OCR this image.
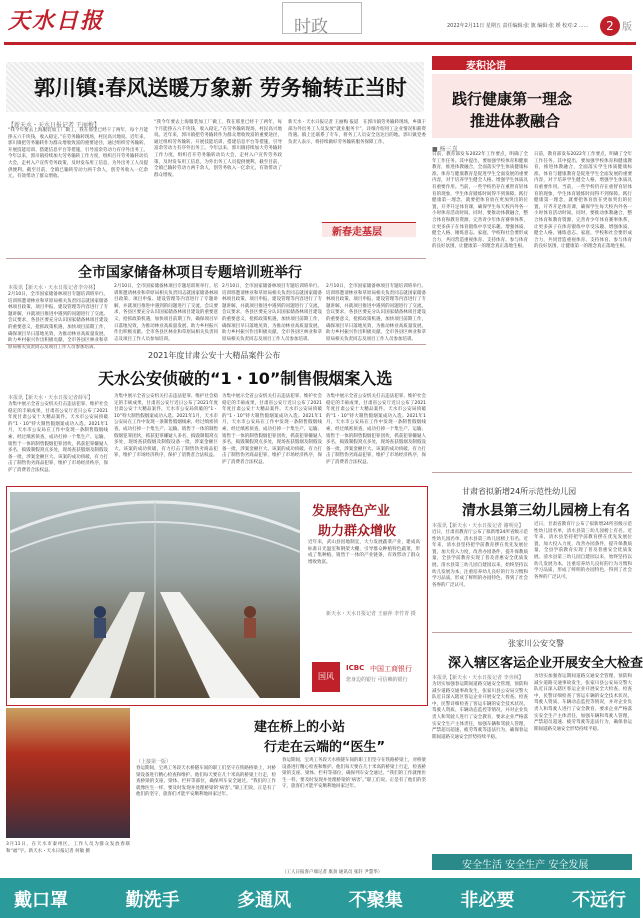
天水日报	时政	2022年2月11日 星期五 责任编辑:张 旗 编辑:张 媛 校对:2 ……	2 版
郭川镇:春风送暖万象新 劳务输转正当时
【新天水・天水日报记者 王丽梅】
“我今年要去上海服装加工厂做工，我在那里已经干了两年，每个月能挣五六千块钱，收入稳定。”在劳务输转现场，村民高兴地说。近年来，郭川镇把劳务输转作为群众增收致富的重要途径，通过组织劳务输转、开展技能培训、搭建信息平台等措施，引导富余劳动力有序外出务工。今年以来，郭川镇持续加大劳务输转工作力度，组织召开劳务输转动员大会，走村入户宣传劳务政策，及时发布用工信息，为外出务工人员提供便利。截至目前，全镇已输转劳动力两千余人，创劳务收入一亿余元，有效带动了群众增收。
“我今年要去上海服装加工厂做工，我在那里已经干了两年，每个月能挣五六千块钱，收入稳定。”在劳务输转现场，村民高兴地说。近年来，郭川镇把劳务输转作为群众增收致富的重要途径，通过组织劳务输转、开展技能培训、搭建信息平台等措施，引导富余劳动力有序外出务工。今年以来，郭川镇持续加大劳务输转工作力度，组织召开劳务输转动员大会，走村入户宣传劳务政策，及时发布用工信息，为外出务工人员提供便利。截至目前，全镇已输转劳动力两千余人，创劳务收入一亿余元，有效带动了群众增收。
新天水・天水日报记者 王丽梅 报道　在郭川镇劳务输转现场，乡镇干部为外出务工人员发放“就业服务卡”，详细介绍用工企业情况和薪资待遇。镇上还联系了专车，将务工人员安全送达目的地。郭川镇党委负责人表示，将持续做好劳务输转服务保障工作。
新春走基层
麦积论语
践行健康第一理念
推进体教融合
■ 杨三喜
日前，教育部发布2022年工作要点，明确了全年工作任务。其中提出，要加强学校体育和健康教育，推进体教融合，全面落实学生体质健康标准。体育与健康教育是促进学生全面发展的重要内容，对于培养学生健全人格、增强学生体质具有重要作用。当前，一些学校仍存在重智育轻体育的现象，学生体育锻炼时间得不到保障。践行健康第一理念，就要把体育放在更加突出的位置，开齐开足体育课，确保学生每天校内外各一小时体育活动时间。同时，要推动体教融合，整合体育和教育资源，完善青少年体育赛事体系，让更多孩子在体育锻炼中享受乐趣、增强体质、健全人格、锤炼意志。家庭、学校和社会要形成合力，共同营造重视体育、支持体育、参与体育的良好氛围，让健康第一的理念真正落地生根。
日前，教育部发布2022年工作要点，明确了全年工作任务。其中提出，要加强学校体育和健康教育，推进体教融合，全面落实学生体质健康标准。体育与健康教育是促进学生全面发展的重要内容，对于培养学生健全人格、增强学生体质具有重要作用。当前，一些学校仍存在重智育轻体育的现象，学生体育锻炼时间得不到保障。践行健康第一理念，就要把体育放在更加突出的位置，开齐开足体育课，确保学生每天校内外各一小时体育活动时间。同时，要推动体教融合，整合体育和教育资源，完善青少年体育赛事体系，让更多孩子在体育锻炼中享受乐趣、增强体质、健全人格、锤炼意志。家庭、学校和社会要形成合力，共同营造重视体育、支持体育、参与体育的良好氛围，让健康第一的理念真正落地生根。
全市国家储备林项目专题培训班举行
本报讯【新天水・天水日报记者李旁林】
2月10日，全市国家储备林项目专题培训班举行。培训班邀请林业和草原局相关负责同志就国家储备林项目政策、项目申报、建设管理等内容进行了专题讲解，并就项目推进中遇到的问题进行了交流。会议要求，各县区要充分认识国家储备林项目建设的重要意义，抢抓政策机遇，加快项目前期工作，确保项目早日落地见效，为推动林业高质量发展、助力乡村振兴作出积极贡献。全市各县区林业和草原局相关负责同志及项目工作人员参加培训。
2月10日，全市国家储备林项目专题培训班举行。培训班邀请林业和草原局相关负责同志就国家储备林项目政策、项目申报、建设管理等内容进行了专题讲解，并就项目推进中遇到的问题进行了交流。会议要求，各县区要充分认识国家储备林项目建设的重要意义，抢抓政策机遇，加快项目前期工作，确保项目早日落地见效，为推动林业高质量发展、助力乡村振兴作出积极贡献。全市各县区林业和草原局相关负责同志及项目工作人员参加培训。
2月10日，全市国家储备林项目专题培训班举行。培训班邀请林业和草原局相关负责同志就国家储备林项目政策、项目申报、建设管理等内容进行了专题讲解，并就项目推进中遇到的问题进行了交流。会议要求，各县区要充分认识国家储备林项目建设的重要意义，抢抓政策机遇，加快项目前期工作，确保项目早日落地见效，为推动林业高质量发展、助力乡村振兴作出积极贡献。全市各县区林业和草原局相关负责同志及项目工作人员参加培训。
2月10日，全市国家储备林项目专题培训班举行。培训班邀请林业和草原局相关负责同志就国家储备林项目政策、项目申报、建设管理等内容进行了专题讲解，并就项目推进中遇到的问题进行了交流。会议要求，各县区要充分认识国家储备林项目建设的重要意义，抢抓政策机遇，加快项目前期工作，确保项目早日落地见效，为推动林业高质量发展、助力乡村振兴作出积极贡献。全市各县区林业和草原局相关负责同志及项目工作人员参加培训。
2021年度甘肃公安十大精品案件公布
天水公安侦破的“1・10”制售假烟案入选
本报讯【新天水・天水日报记者薛军】
为集中展示全省公安机关打击违法犯罪、维护社会稳定的丰硕成果，甘肃省公安厅近日公布了2021年度甘肃公安十大精品案件。天水市公安局侦破的“1・10”特大制售假烟案成功入选。2021年1月，天水市公安局在工作中发现一条制售假烟线索，经过缜密侦查，成功打掉一个集生产、运输、销售于一体的制售假烟犯罪团伙，抓获犯罪嫌疑人多名，捣毁制假窝点多处，现场查获假烟及制假设备一批，涉案金额巨大。该案的成功侦破，有力打击了制售伪劣商品犯罪，维护了市场经济秩序，保护了消费者合法权益。
为集中展示全省公安机关打击违法犯罪、维护社会稳定的丰硕成果，甘肃省公安厅近日公布了2021年度甘肃公安十大精品案件。天水市公安局侦破的“1・10”特大制售假烟案成功入选。2021年1月，天水市公安局在工作中发现一条制售假烟线索，经过缜密侦查，成功打掉一个集生产、运输、销售于一体的制售假烟犯罪团伙，抓获犯罪嫌疑人多名，捣毁制假窝点多处，现场查获假烟及制假设备一批，涉案金额巨大。该案的成功侦破，有力打击了制售伪劣商品犯罪，维护了市场经济秩序，保护了消费者合法权益。
为集中展示全省公安机关打击违法犯罪、维护社会稳定的丰硕成果，甘肃省公安厅近日公布了2021年度甘肃公安十大精品案件。天水市公安局侦破的“1・10”特大制售假烟案成功入选。2021年1月，天水市公安局在工作中发现一条制售假烟线索，经过缜密侦查，成功打掉一个集生产、运输、销售于一体的制售假烟犯罪团伙，抓获犯罪嫌疑人多名，捣毁制假窝点多处，现场查获假烟及制假设备一批，涉案金额巨大。该案的成功侦破，有力打击了制售伪劣商品犯罪，维护了市场经济秩序，保护了消费者合法权益。
为集中展示全省公安机关打击违法犯罪、维护社会稳定的丰硕成果，甘肃省公安厅近日公布了2021年度甘肃公安十大精品案件。天水市公安局侦破的“1・10”特大制售假烟案成功入选。2021年1月，天水市公安局在工作中发现一条制售假烟线索，经过缜密侦查，成功打掉一个集生产、运输、销售于一体的制售假烟犯罪团伙，抓获犯罪嫌疑人多名，捣毁制假窝点多处，现场查获假烟及制假设备一批，涉案金额巨大。该案的成功侦破，有力打击了制售伪劣商品犯罪，维护了市场经济秩序，保护了消费者合法权益。
发展特色产业
助力群众增收
近年来，武山县因地制宜，大力发展蔬菜产业，建成高标准日光温室和钢架大棚，引导群众种植特色蔬菜，形成了集种植、销售于一体的产业链条，有效带动了群众增收致富。
新天水・天水日报记者 王丽萍 李竹青 摄
国风
ICBC 中国工商银行
您身边的银行 可信赖的银行
3月11日，在天水市秦州区，工作人员为群众发放春联和“福”字。新天水・天水日报记者 何敏 摄
建在桥上的小站
行走在云端的“医生”
（上接第一版）
春运期间，宝鸡工务段天水桥隧车间的职工们坚守在铁路桥梁上，对桥梁设备进行精心检查和维护。他们每天要在几十米高的桥梁上行走，检查桥梁的支座、梁体、栏杆等部位，确保列车安全通过。“我们的工作就像医生一样，要及时发现并处理桥梁的‘病害’。”职工们说。正是有了他们的坚守，旅客们才能平安顺利地回家过年。
春运期间，宝鸡工务段天水桥隧车间的职工们坚守在铁路桥梁上，对桥梁设备进行精心检查和维护。他们每天要在几十米高的桥梁上行走，检查桥梁的支座、梁体、栏杆等部位，确保列车安全通过。“我们的工作就像医生一样，要及时发现并处理桥梁的‘病害’。”职工们说。正是有了他们的坚守，旅客们才能平安顺利地回家过年。
（工人日报客户端记者 康劲 通讯员 张轩 尹慧华）
甘肃省拟新增24所示范性幼儿园
清水县第三幼儿园榜上有名
本报讯【新天水・天水日报记者 谢明亮】
近日，甘肃省教育厅公布了拟新增24所省级示范性幼儿园名单，清水县第三幼儿园榜上有名。近年来，清水县坚持把学前教育摆在优先发展位置，加大投入力度，改善办园条件，提升保教质量，全县学前教育实现了普及普惠安全优质发展。清水县第三幼儿园自建园以来，始终坚持以幼儿发展为本，注重培养幼儿良好的行为习惯和学习品质，形成了鲜明的办园特色，得到了社会各界的广泛认可。
近日，甘肃省教育厅公布了拟新增24所省级示范性幼儿园名单，清水县第三幼儿园榜上有名。近年来，清水县坚持把学前教育摆在优先发展位置，加大投入力度，改善办园条件，提升保教质量，全县学前教育实现了普及普惠安全优质发展。清水县第三幼儿园自建园以来，始终坚持以幼儿发展为本，注重培养幼儿良好的行为习惯和学习品质，形成了鲜明的办园特色，得到了社会各界的广泛认可。
张家川公安交警
深入辖区客运企业开展安全大检查
本报讯【新天水・天水日报记者 李旁林】
为切实加强春运期间道路交通安全管理，预防和减少道路交通事故发生，张家川县公安局交警大队近日深入辖区客运企业开展安全大检查。检查中，民警详细检查了客运车辆的安全技术状况、驾驶人资质、车辆动态监控等情况，并对企业负责人和驾驶人进行了安全教育，要求企业严格落实安全生产主体责任，加强车辆和驾驶人管理，严禁超员超速、疲劳驾驶等违法行为，确保春运期间道路交通安全形势持续平稳。
为切实加强春运期间道路交通安全管理，预防和减少道路交通事故发生，张家川县公安局交警大队近日深入辖区客运企业开展安全大检查。检查中，民警详细检查了客运车辆的安全技术状况、驾驶人资质、车辆动态监控等情况，并对企业负责人和驾驶人进行了安全教育，要求企业严格落实安全生产主体责任，加强车辆和驾驶人管理，严禁超员超速、疲劳驾驶等违法行为，确保春运期间道路交通安全形势持续平稳。
安全生活 安全生产 安全发展
戴口罩	勤洗手	多通风	不聚集	非必要	不远行
